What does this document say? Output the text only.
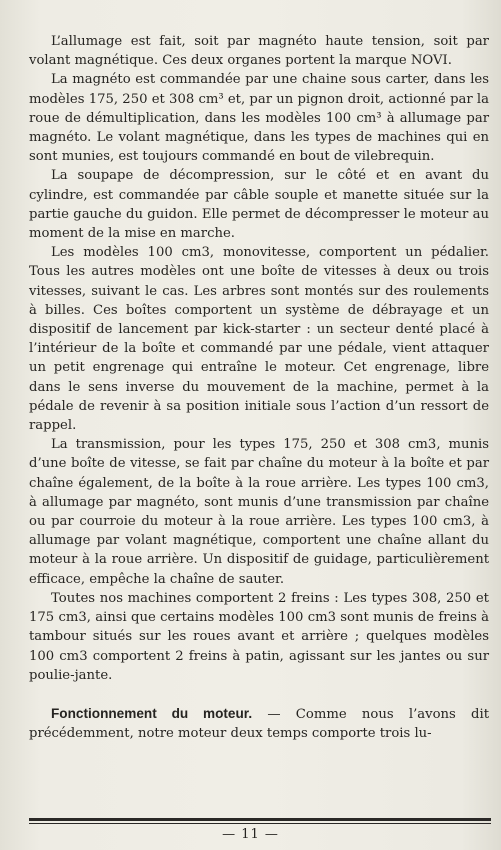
L’allumage est fait, soit par magnéto haute tension, soit par volant magnétique. Ces deux organes portent la marque NOVI.

La magnéto est commandée par une chaine sous carter, dans les modèles 175, 250 et 308 cm³ et, par un pignon droit, actionné par la roue de démultiplication, dans les modèles 100 cm³ à allumage par magnéto. Le volant magnétique, dans les types de machines qui en sont munies, est toujours commandé en bout de vilebrequin.

La soupape de décompression, sur le côté et en avant du cylindre, est commandée par câble souple et manette située sur la partie gauche du guidon. Elle permet de décompresser le moteur au moment de la mise en marche.

Les modèles 100 cm3, monovitesse, comportent un pédalier. Tous les autres modèles ont une boîte de vitesses à deux ou trois vitesses, suivant le cas. Les arbres sont montés sur des roulements à billes. Ces boîtes comportent un système de débrayage et un dispositif de lancement par kick-starter : un secteur denté placé à l’intérieur de la boîte et commandé par une pédale, vient attaquer un petit engrenage qui entraîne le moteur. Cet engrenage, libre dans le sens inverse du mouvement de la machine, permet à la pédale de revenir à sa position initiale sous l’action d’un ressort de rappel.

La transmission, pour les types 175, 250 et 308 cm3, munis d’une boîte de vitesse, se fait par chaîne du moteur à la boîte et par chaîne également, de la boîte à la roue arrière. Les types 100 cm3, à allumage par magnéto, sont munis d’une transmission par chaîne ou par courroie du moteur à la roue arrière. Les types 100 cm3, à allumage par volant magnétique, comportent une chaîne allant du moteur à la roue arrière. Un dispositif de guidage, particulièrement efficace, empêche la chaîne de sauter.

Toutes nos machines comportent 2 freins : Les types 308, 250 et 175 cm3, ainsi que certains modèles 100 cm3 sont munis de freins à tambour situés sur les roues avant et arrière ; quelques modèles 100 cm3 comportent 2 freins à patin, agissant sur les jantes ou sur poulie-jante.

Fonctionnement du moteur. — Comme nous l’avons dit précédemment, notre moteur deux temps comporte trois lu-

— 11 —
